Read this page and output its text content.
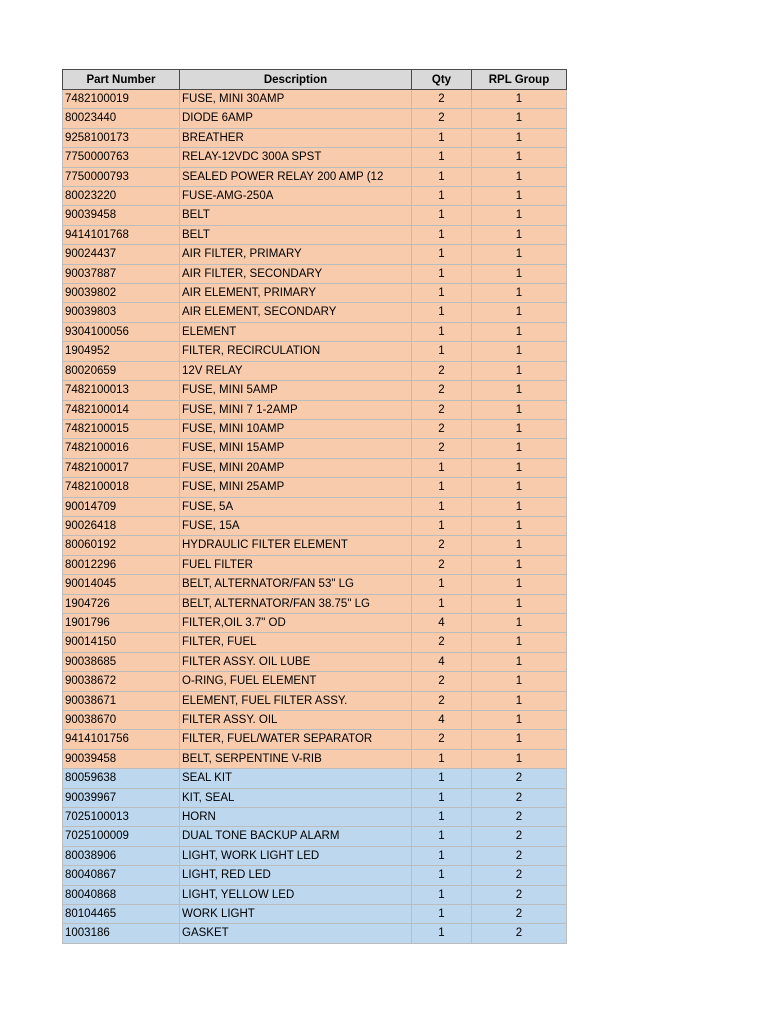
Part Number	Description	Qty	RPL Group
7482100019	FUSE, MINI 30AMP	2	1
80023440	DIODE 6AMP	2	1
9258100173	BREATHER	1	1
7750000763	RELAY-12VDC 300A SPST	1	1
7750000793	SEALED POWER RELAY 200 AMP (12	1	1
80023220	FUSE-AMG-250A	1	1
90039458	BELT	1	1
9414101768	BELT	1	1
90024437	AIR FILTER, PRIMARY	1	1
90037887	AIR FILTER, SECONDARY	1	1
90039802	AIR ELEMENT, PRIMARY	1	1
90039803	AIR ELEMENT, SECONDARY	1	1
9304100056	ELEMENT	1	1
1904952	FILTER, RECIRCULATION	1	1
80020659	12V RELAY	2	1
7482100013	FUSE, MINI 5AMP	2	1
7482100014	FUSE, MINI 7 1-2AMP	2	1
7482100015	FUSE, MINI 10AMP	2	1
7482100016	FUSE, MINI 15AMP	2	1
7482100017	FUSE, MINI 20AMP	1	1
7482100018	FUSE, MINI 25AMP	1	1
90014709	FUSE, 5A	1	1
90026418	FUSE, 15A	1	1
80060192	HYDRAULIC FILTER ELEMENT	2	1
80012296	FUEL FILTER	2	1
90014045	BELT, ALTERNATOR/FAN 53" LG	1	1
1904726	BELT, ALTERNATOR/FAN 38.75" LG	1	1
1901796	FILTER,OIL 3.7" OD	4	1
90014150	FILTER, FUEL	2	1
90038685	FILTER ASSY. OIL LUBE	4	1
90038672	O-RING, FUEL ELEMENT	2	1
90038671	ELEMENT, FUEL FILTER ASSY.	2	1
90038670	FILTER ASSY. OIL	4	1
9414101756	FILTER, FUEL/WATER SEPARATOR	2	1
90039458	BELT, SERPENTINE V-RIB	1	1
80059638	SEAL KIT	1	2
90039967	KIT, SEAL	1	2
7025100013	HORN	1	2
7025100009	DUAL TONE BACKUP ALARM	1	2
80038906	LIGHT, WORK LIGHT LED	1	2
80040867	LIGHT, RED LED	1	2
80040868	LIGHT, YELLOW LED	1	2
80104465	WORK LIGHT	1	2
1003186	GASKET	1	2
